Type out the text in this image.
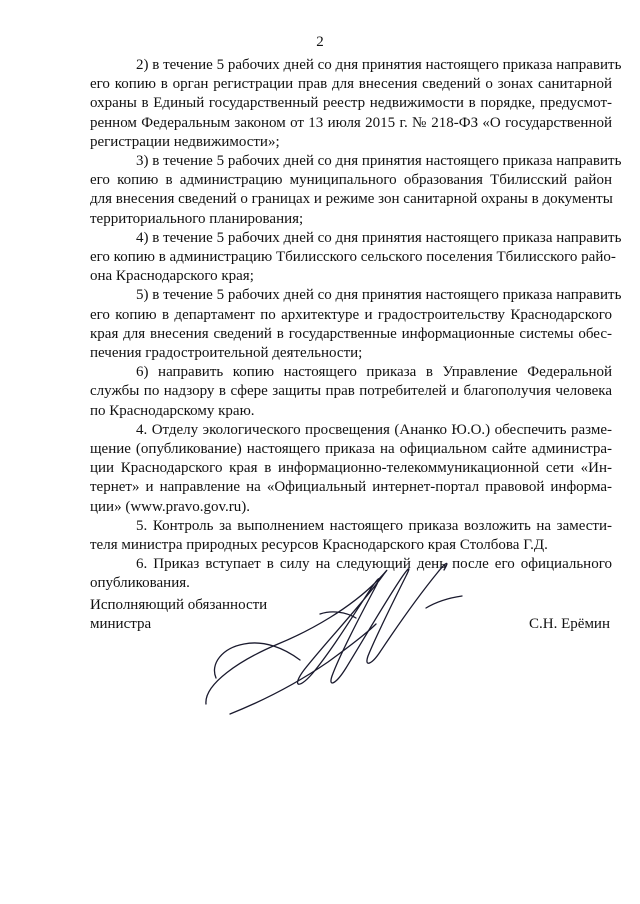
2

2) в течение 5 рабочих дней со дня принятия настоящего приказа направить
его копию в орган регистрации прав для внесения сведений о зонах санитарной
охраны в Единый государственный реестр недвижимости в порядке, предусмот-
ренном Федеральным законом от 13 июля 2015 г. № 218-ФЗ «О государственной
регистрации недвижимости»;

3) в течение 5 рабочих дней со дня принятия настоящего приказа направить
его копию в администрацию муниципального образования Тбилисский район
для внесения сведений о границах и режиме зон санитарной охраны в документы
территориального планирования;

4) в течение 5 рабочих дней со дня принятия настоящего приказа направить
его копию в администрацию Тбилисского сельского поселения Тбилисского райо-
она Краснодарского края;

5) в течение 5 рабочих дней со дня принятия настоящего приказа направить
его копию в департамент по архитектуре и градостроительству Краснодарского
края для внесения сведений в государственные информационные системы обес-
печения градостроительной деятельности;

6) направить копию настоящего приказа в Управление Федеральной
службы по надзору в сфере защиты прав потребителей и благополучия человека
по Краснодарскому краю.

4. Отделу экологического просвещения (Ананко Ю.О.) обеспечить разме-
щение (опубликование) настоящего приказа на официальном сайте администра-
ции Краснодарского края в информационно-телекоммуникационной сети «Ин-
тернет» и направление на «Официальный интернет-портал правовой информа-
ции» (www.pravo.gov.ru).

5. Контроль за выполнением настоящего приказа возложить на замести-
теля министра природных ресурсов Краснодарского края Столбова Г.Д.

6. Приказ вступает в силу на следующий день после его официального
опубликования.

Исполняющий обязанности
министра	С.Н. Ерёмин
